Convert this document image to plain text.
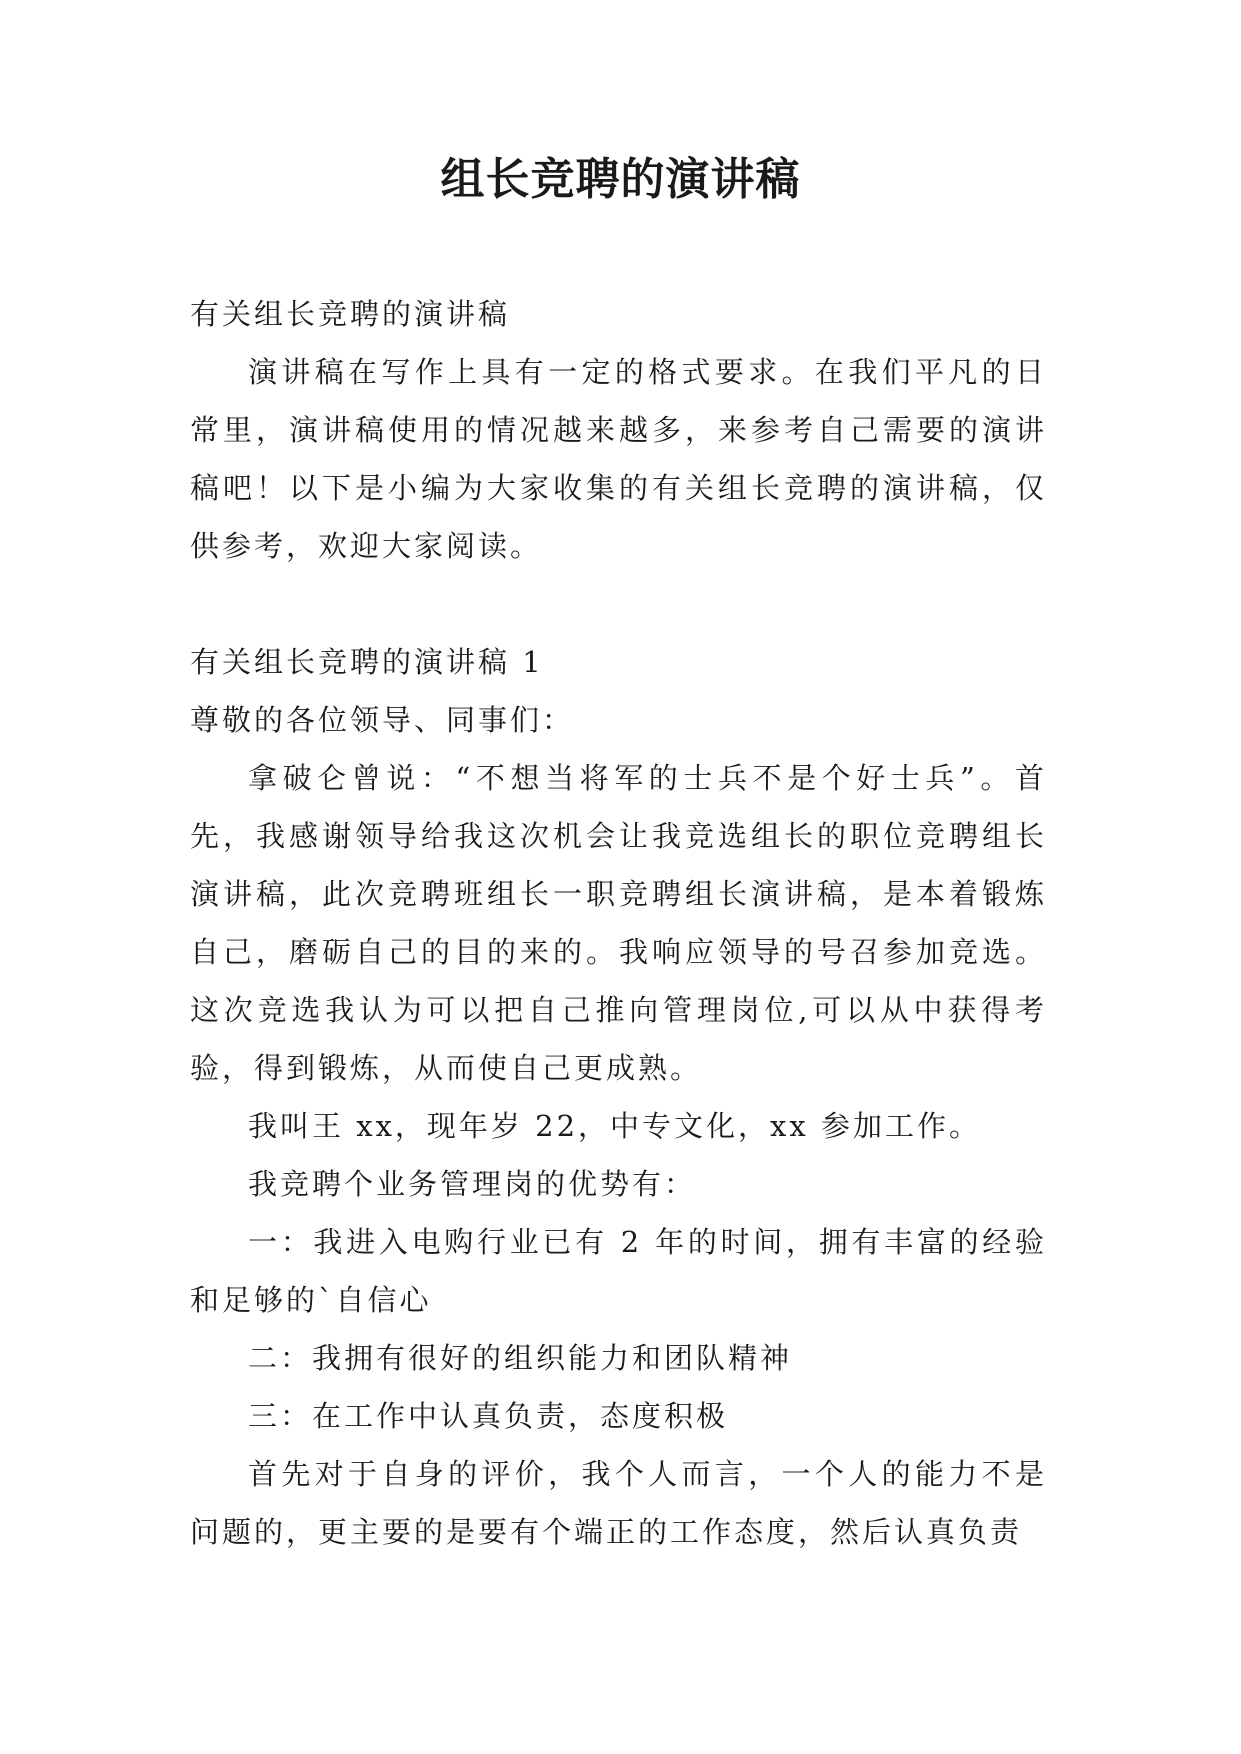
组长竞聘的演讲稿

有关组长竞聘的演讲稿

演讲稿在写作上具有一定的格式要求。在我们平凡的日常里，演讲稿使用的情况越来越多，来参考自己需要的演讲稿吧！以下是小编为大家收集的有关组长竞聘的演讲稿，仅供参考，欢迎大家阅读。

有关组长竞聘的演讲稿 1

尊敬的各位领导、同事们：

拿破仑曾说：“不想当将军的士兵不是个好士兵”。首先，我感谢领导给我这次机会让我竞选组长的职位竞聘组长演讲稿，此次竞聘班组长一职竞聘组长演讲稿，是本着锻炼自己，磨砺自己的目的来的。我响应领导的号召参加竞选。这次竞选我认为可以把自己推向管理岗位,可以从中获得考验，得到锻炼，从而使自己更成熟。

我叫王 xx，现年岁 22，中专文化，xx 参加工作。

我竞聘个业务管理岗的优势有：

一：我进入电购行业已有 2 年的时间，拥有丰富的经验和足够的`自信心

二：我拥有很好的组织能力和团队精神

三：在工作中认真负责，态度积极

首先对于自身的评价，我个人而言，一个人的能力不是问题的，更主要的是要有个端正的工作态度，然后认真负责
